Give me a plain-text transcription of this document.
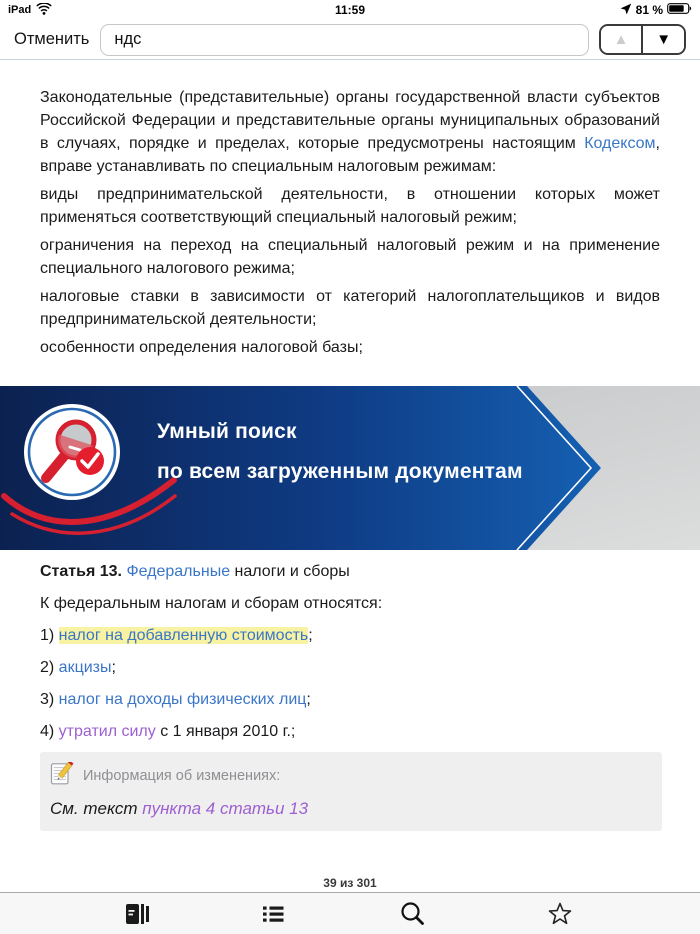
iPad	11:59	81 %
Отменить ндс	▲	▼

Законодательные (представительные) органы государственной власти субъектов Российской Федерации и представительные органы муниципальных образований в случаях, порядке и пределах, которые предусмотрены настоящим Кодексом, вправе устанавливать по специальным налоговым режимам:

виды предпринимательской деятельности, в отношении которых может применяться соответствующий специальный налоговый режим;

ограничения на переход на специальный налоговый режим и на применение специального налогового режима;

налоговые ставки в зависимости от категорий налогоплательщиков и видов предпринимательской деятельности;

особенности определения налоговой базы;

Умный поиск
по всем загруженным документам
Статья 13. Федеральные налоги и сборы
К федеральным налогам и сборам относятся:
1) налог на добавленную стоимость;
2) акцизы;
3) налог на доходы физических лиц;
4) утратил силу с 1 января 2010 г.;
Информация об изменениях:
См. текст пункта 4 статьи 13
39 из 301
